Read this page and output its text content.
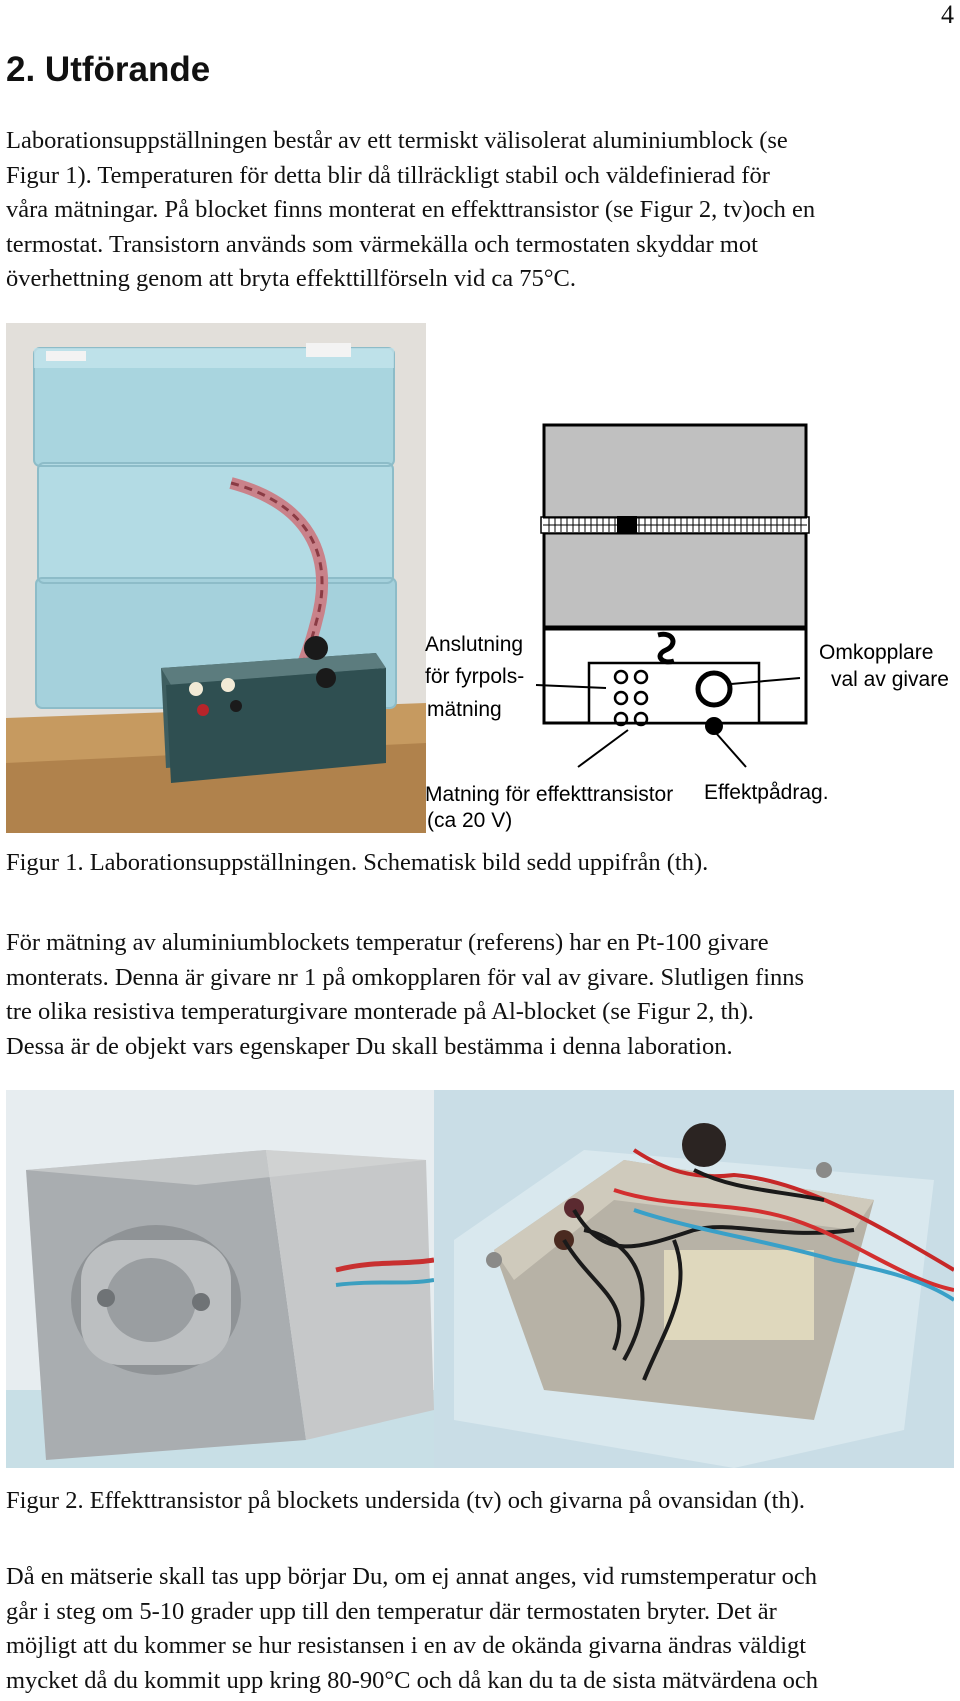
4
2. Utförande
Laborationsuppställningen består av ett termiskt välisolerat aluminiumblock (se
Figur 1). Temperaturen för detta blir då tillräckligt stabil och väldefinierad för
våra mätningar. På blocket finns monterat en effekttransistor (se Figur 2, tv)och en
termostat. Transistorn används som värmekälla och termostaten skyddar mot
överhettning genom att bryta effekttillförseln vid ca 75°C.
Anslutning
för fyrpols-
mätning
Omkopplare
val av givare
Matning för effekttransistor
(ca 20 V)
Effektpådrag.
Figur 1. Laborationsuppställningen. Schematisk bild sedd uppifrån (th).
För mätning av aluminiumblockets temperatur (referens) har en Pt-100 givare
monterats. Denna är givare nr 1 på omkopplaren för val av givare. Slutligen finns
tre olika resistiva temperaturgivare monterade på Al-blocket (se Figur 2, th).
Dessa är de objekt vars egenskaper Du skall bestämma i denna laboration.
Figur 2. Effekttransistor på blockets undersida (tv) och givarna på ovansidan (th).
Då en mätserie skall tas upp börjar Du, om ej annat anges, vid rumstemperatur och
går i steg om 5-10 grader upp till den temperatur där termostaten bryter. Det är
möjligt att du kommer se hur resistansen i en av de okända givarna ändras väldigt
mycket då du kommit upp kring 80-90°C och då kan du ta de sista mätvärdena och
